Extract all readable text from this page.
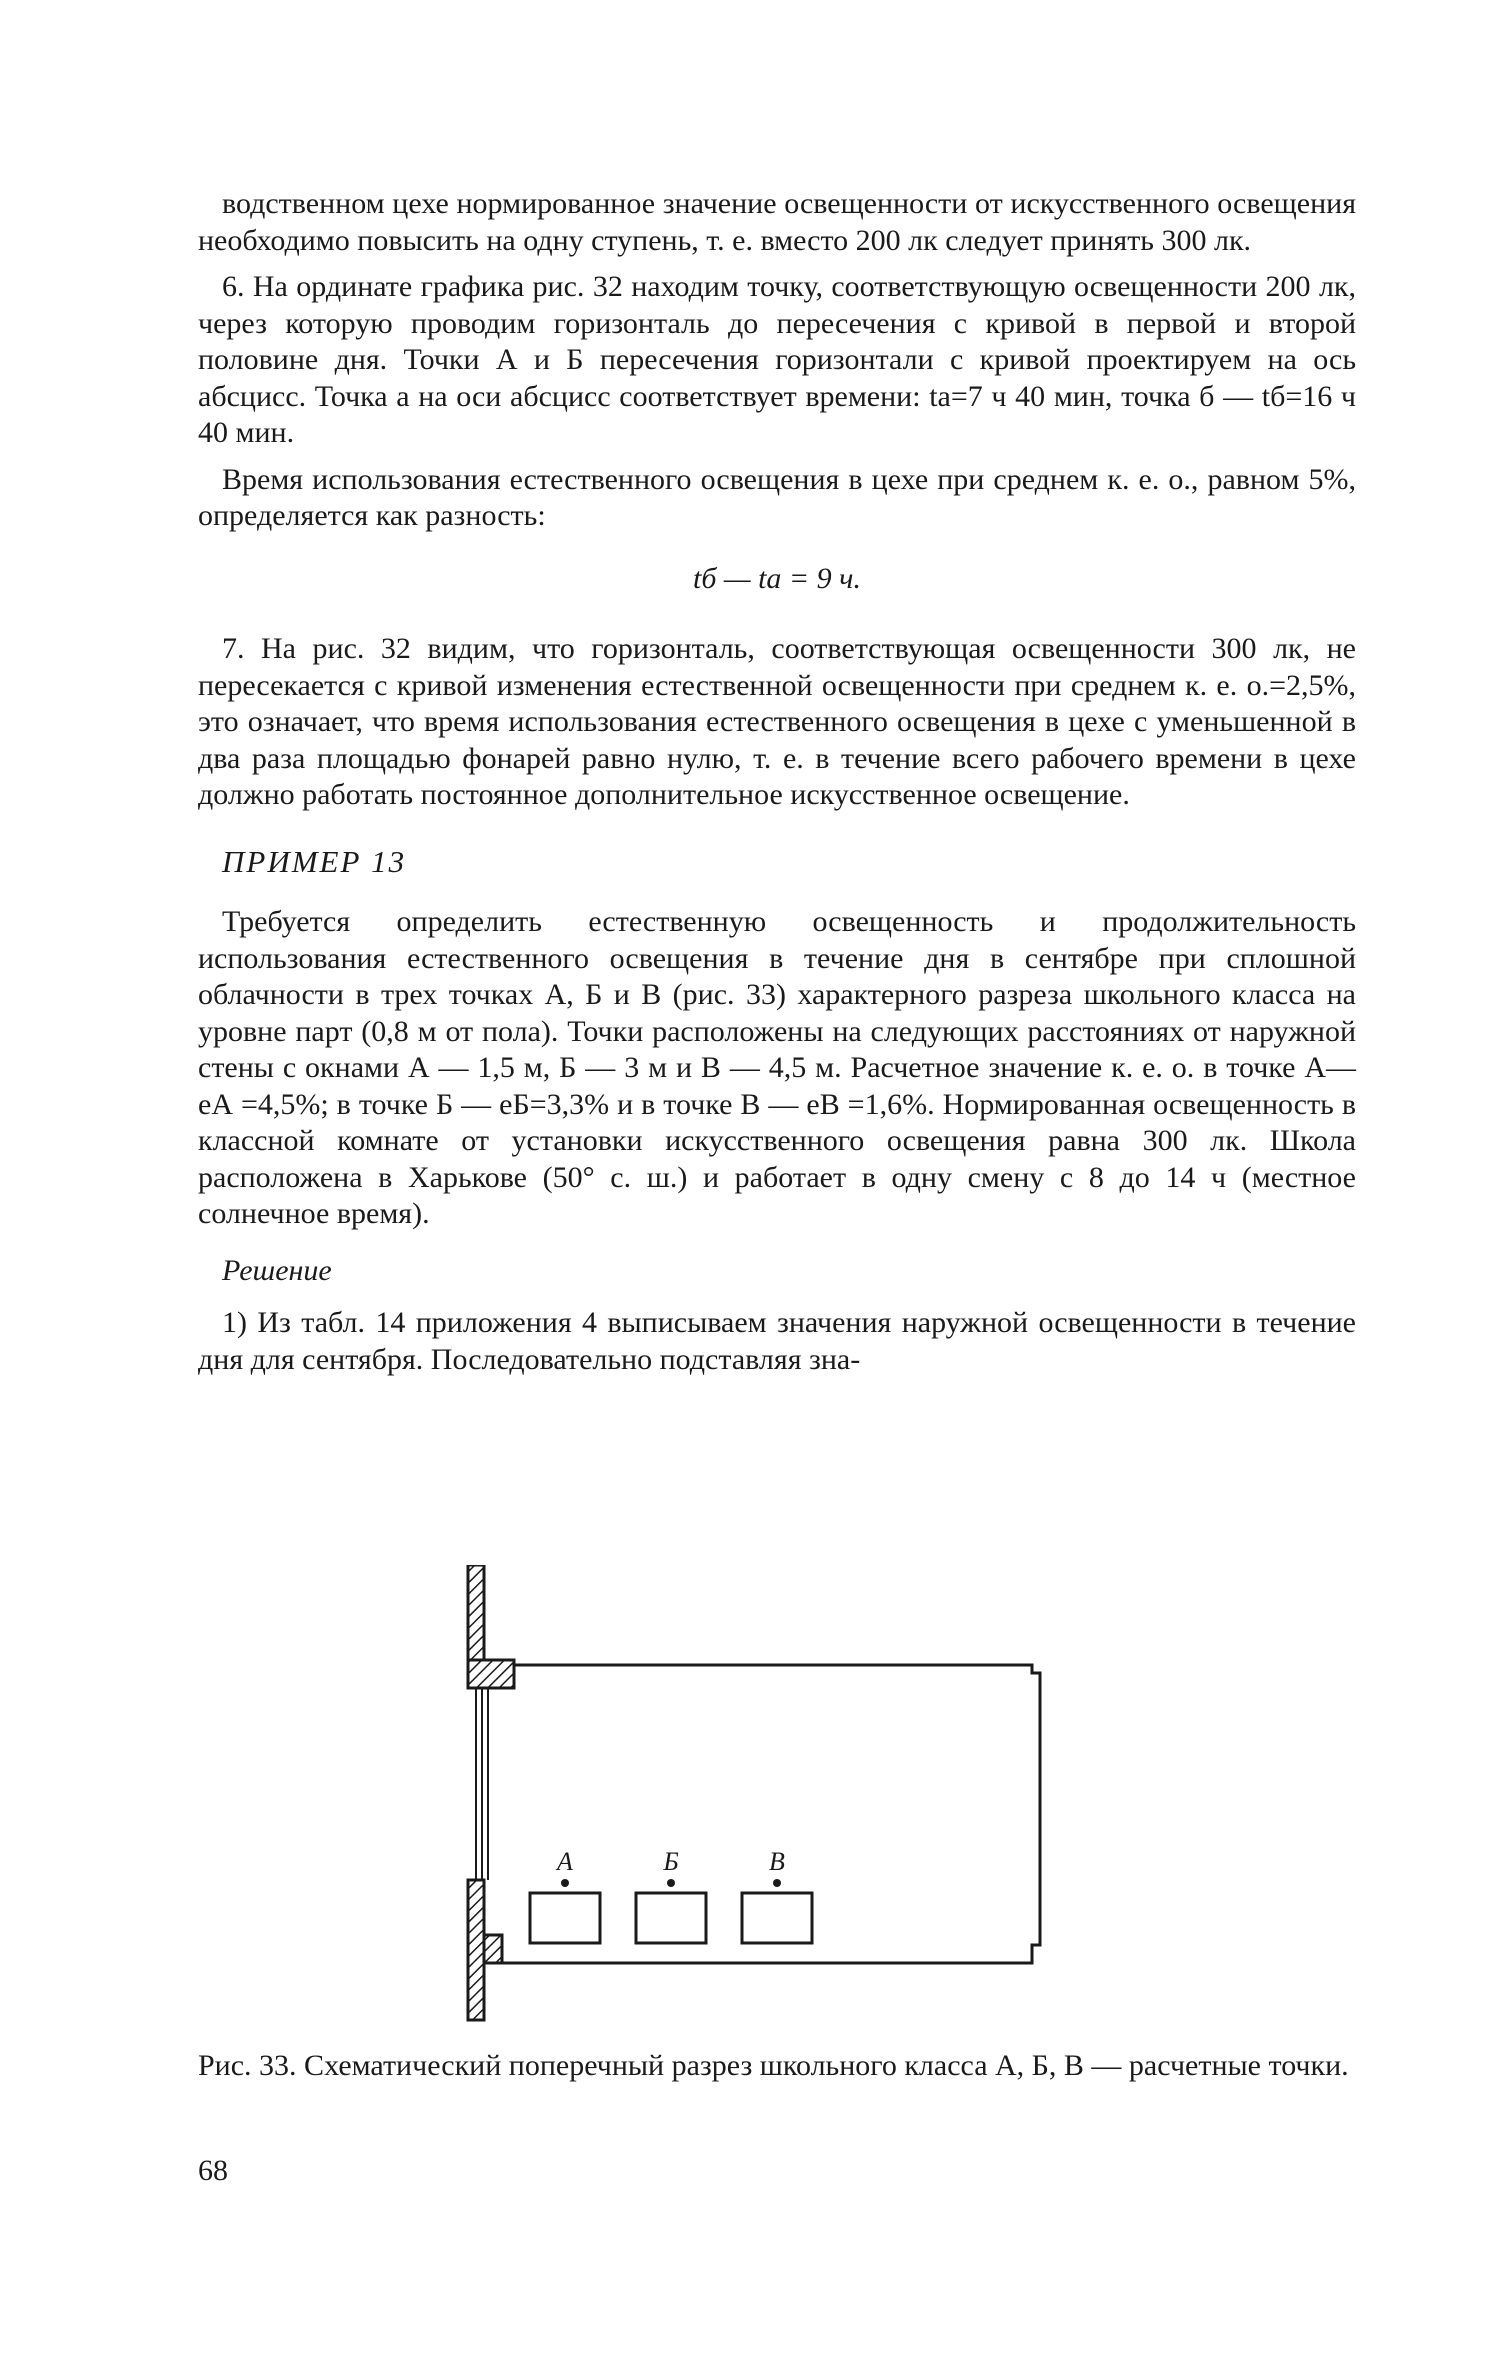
водственном цехе нормированное значение освещенности от искусственного освещения необходимо повысить на одну ступень, т. е. вместо 200 лк следует принять 300 лк.

6. На ординате графика рис. 32 находим точку, соответствующую освещенности 200 лк, через которую проводим горизонталь до пересечения с кривой в первой и второй половине дня. Точки А и Б пересечения горизонтали с кривой проектируем на ось абсцисс. Точка а на оси абсцисс соответствует времени: tа=7 ч 40 мин, точка б — tб=16 ч 40 мин.

Время использования естественного освещения в цехе при среднем к. е. о., равном 5%, определяется как разность:

tб — tа = 9 ч.

7. На рис. 32 видим, что горизонталь, соответствующая освещенности 300 лк, не пересекается с кривой изменения естественной освещенности при среднем к. е. о.=2,5%, это означает, что время использования естественного освещения в цехе с уменьшенной в два раза площадью фонарей равно нулю, т. е. в течение всего рабочего времени в цехе должно работать постоянное дополнительное искусственное освещение.

ПРИМЕР 13

Требуется определить естественную освещенность и продолжительность использования естественного освещения в течение дня в сентябре при сплошной облачности в трех точках А, Б и В (рис. 33) характерного разреза школьного класса на уровне парт (0,8 м от пола). Точки расположены на следующих расстояниях от наружной стены с окнами А — 1,5 м, Б — 3 м и В — 4,5 м. Расчетное значение к. е. о. в точке А—еА =4,5%; в точке Б — еБ=3,3% и в точке В — еВ =1,6%. Нормированная освещенность в классной комнате от установки искусственного освещения равна 300 лк. Школа расположена в Харькове (50° с. ш.) и работает в одну смену с 8 до 14 ч (местное солнечное время).

Решение

1) Из табл. 14 приложения 4 выписываем значения наружной освещенности в течение дня для сентября. Последовательно подставляя зна-

А	Б	В
Рис. 33. Схематический поперечный разрез школьного класса А, Б, В — расчетные точки.
68
